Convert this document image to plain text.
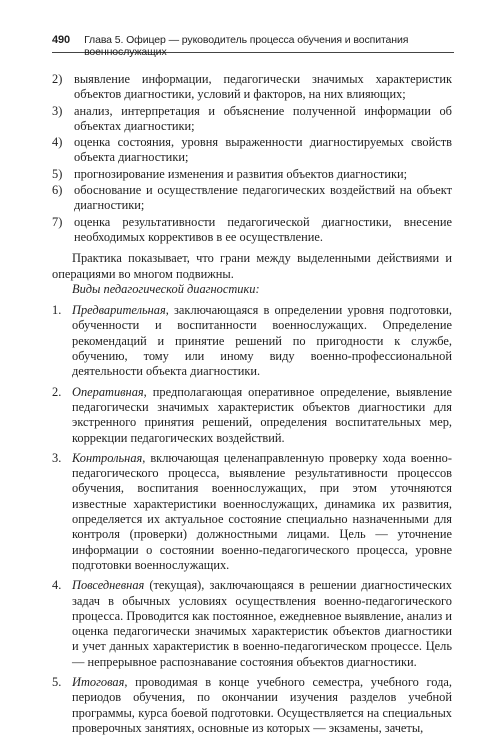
490 Глава 5. Офицер — руководитель процесса обучения и воспитания военнослужащих
2) выявление информации, педагогически значимых характеристик объектов диагностики, условий и факторов, на них влияющих;
3) анализ, интерпретация и объяснение полученной информации об объектах диагностики;
4) оценка состояния, уровня выраженности диагностируемых свойств объекта диагностики;
5) прогнозирование изменения и развития объектов диагностики;
6) обоснование и осуществление педагогических воздействий на объект диагностики;
7) оценка результативности педагогической диагностики, внесение необходимых коррективов в ее осуществление.

Практика показывает, что грани между выделенными действиями и операциями во многом подвижны.

Виды педагогической диагностики:

1. Предварительная, заключающаяся в определении уровня подготовки, обученности и воспитанности военнослужащих. Определение рекомендаций и принятие решений по пригодности к службе, обучению, тому или иному виду военно-профессиональной деятельности объекта диагностики.
2. Оперативная, предполагающая оперативное определение, выявление педагогически значимых характеристик объектов диагностики для экстренного принятия решений, определения воспитательных мер, коррекции педагогических воздействий.
3. Контрольная, включающая целенаправленную проверку хода военно-педагогического процесса, выявление результативности процессов обучения, воспитания военнослужащих, при этом уточняются известные характеристики военнослужащих, динамика их развития, определяется их актуальное состояние специально назначенными для контроля (проверки) должностными лицами. Цель — уточнение информации о состоянии военно-педагогического процесса, уровне подготовки военнослужащих.
4. Повседневная (текущая), заключающаяся в решении диагностических задач в обычных условиях осуществления военно-педагогического процесса. Проводится как постоянное, ежедневное выявление, анализ и оценка педагогически значимых характеристик объектов диагностики и учет данных характеристик в военно-педагогическом процессе. Цель — непрерывное распознавание состояния объектов диагностики.
5. Итоговая, проводимая в конце учебного семестра, учебного года, периодов обучения, по окончании изучения разделов учебной программы, курса боевой подготовки. Осуществляется на специальных проверочных занятиях, основные из которых — экзамены, зачеты,
